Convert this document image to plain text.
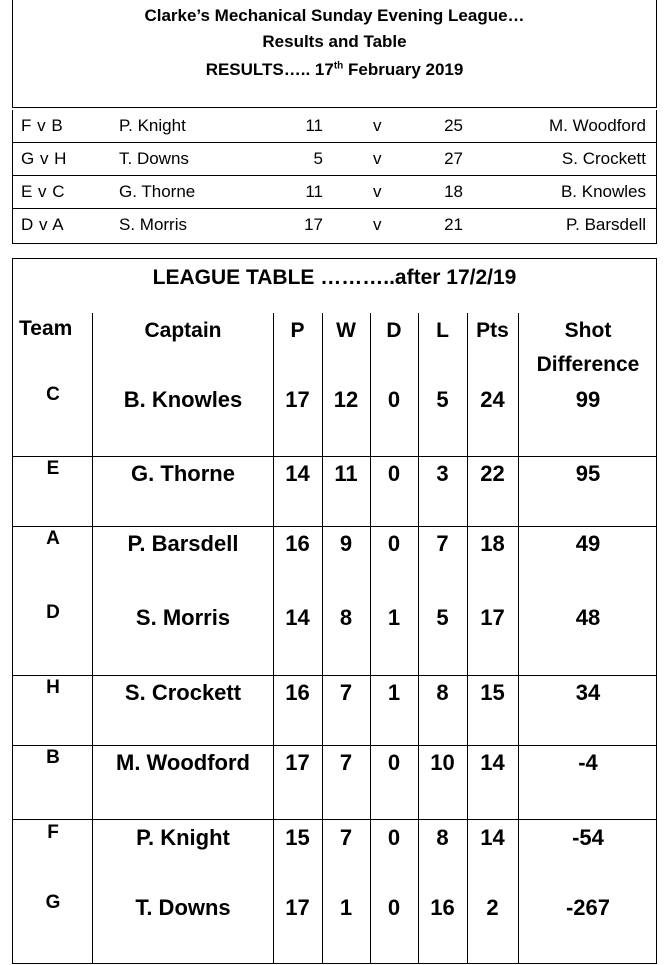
Clarke’s Mechanical Sunday Evening League…
Results and Table
RESULTS….. 17th February 2019
F v B	P. Knight	11	v	25	M. Woodford
G v H	T. Downs	5	v	27	S. Crockett
E v C	G. Thorne	11	v	18	B. Knowles
D v A	S. Morris	17	v	21	P. Barsdell
LEAGUE TABLE ………..after 17/2/19
Team	Captain	P	W	D	L	Pts	Shot
Difference
C	B. Knowles	17	12	0	5	24	99
E	G. Thorne	14	11	0	3	22	95
A	P. Barsdell	16	9	0	7	18	49
D	S. Morris	14	8	1	5	17	48
H	S. Crockett	16	7	1	8	15	34
B	M. Woodford	17	7	0	10	14	-4
F	P. Knight	15	7	0	8	14	-54
G	T. Downs	17	1	0	16	2	-267
